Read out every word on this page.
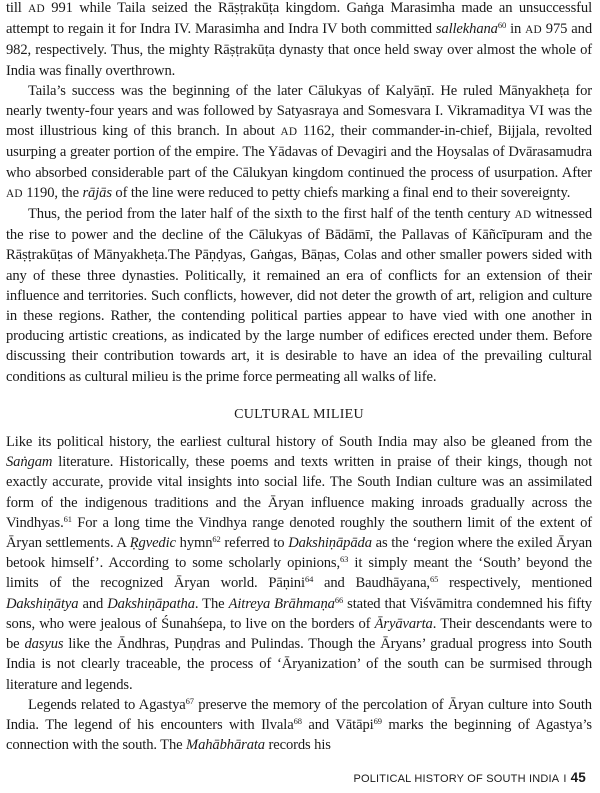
till AD 991 while Taila seized the Rāṣṭrakūṭa kingdom. Gaṅga Marasimha made an unsuccessful attempt to regain it for Indra IV. Marasimha and Indra IV both committed sallekhana$^{60}$ in AD 975 and 982, respectively. Thus, the mighty Rāṣṭrakūṭa dynasty that once held sway over almost the whole of India was finally overthrown.

Taila’s success was the beginning of the later Cālukyas of Kalyāṇī. He ruled Mānyakheṭa for nearly twenty-four years and was followed by Satyasraya and Somesvara I. Vikramaditya VI was the most illustrious king of this branch. In about AD 1162, their commander-in-chief, Bijjala, revolted usurping a greater portion of the empire. The Yādavas of Devagiri and the Hoysalas of Dvārasamudra who absorbed considerable part of the Cālukyan kingdom continued the process of usurpation. After AD 1190, the rājās of the line were reduced to petty chiefs marking a final end to their sovereignty.

Thus, the period from the later half of the sixth to the first half of the tenth century AD witnessed the rise to power and the decline of the Cālukyas of Bādāmī, the Pallavas of Kāñcīpuram and the Rāṣṭrakūṭas of Mānyakheṭa.The Pāṇḍyas, Gaṅgas, Bāṇas, Colas and other smaller powers sided with any of these three dynasties. Politically, it remained an era of conflicts for an extension of their influence and territories. Such conflicts, however, did not deter the growth of art, religion and culture in these regions. Rather, the contending political parties appear to have vied with one another in producing artistic creations, as indicated by the large number of edifices erected under them. Before discussing their contribution towards art, it is desirable to have an idea of the prevailing cultural conditions as cultural milieu is the prime force permeating all walks of life.

CULTURAL MILIEU

Like its political history, the earliest cultural history of South India may also be gleaned from the Saṅgam literature. Historically, these poems and texts written in praise of their kings, though not exactly accurate, provide vital insights into social life. The South Indian culture was an assimilated form of the indigenous traditions and the Āryan influence making inroads gradually across the Vindhyas.$^{61}$ For a long time the Vindhya range denoted roughly the southern limit of the extent of Āryan settlements. A Ṛgvedic hymn$^{62}$ referred to Dakshiṇāpāda as the ‘region where the exiled Āryan betook himself’. According to some scholarly opinions,$^{63}$ it simply meant the ‘South’ beyond the limits of the recognized Āryan world. Pāṇini$^{64}$ and Baudhāyana,$^{65}$ respectively, mentioned Dakshiṇātya and Dakshiṇāpatha. The Aitreya Brāhmaṇa$^{66}$ stated that Viśvāmitra condemned his fifty sons, who were jealous of Śunahśepa, to live on the borders of Āryāvarta. Their descendants were to be dasyus like the Āndhras, Puṇḍras and Pulindas. Though the Āryans’ gradual progress into South India is not clearly traceable, the process of ‘Āryanization’ of the south can be surmised through literature and legends.

Legends related to Agastya$^{67}$ preserve the memory of the percolation of Āryan culture into South India. The legend of his encounters with Ilvala$^{68}$ and Vātāpi$^{69}$ marks the beginning of Agastya’s connection with the south. The Mahābhārata records his

POLITICAL HISTORY OF SOUTH INDIA I 45
